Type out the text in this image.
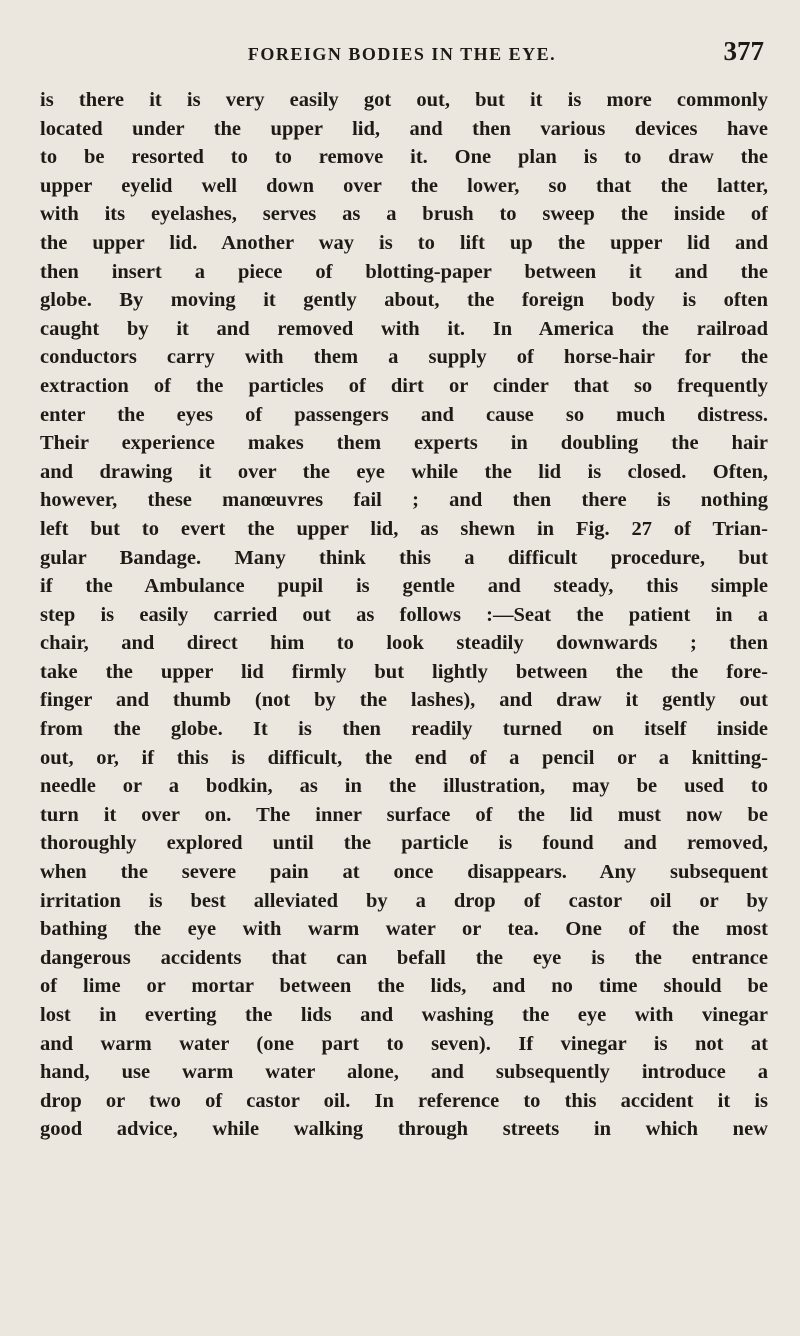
FOREIGN BODIES IN THE EYE.	377
is there it is very easily got out, but it is more commonly
located under the upper lid, and then various devices have
to be resorted to to remove it. One plan is to draw the
upper eyelid well down over the lower, so that the latter,
with its eyelashes, serves as a brush to sweep the inside of
the upper lid. Another way is to lift up the upper lid and
then insert a piece of blotting-paper between it and the
globe. By moving it gently about, the foreign body is often
caught by it and removed with it. In America the railroad
conductors carry with them a supply of horse-hair for the
extraction of the particles of dirt or cinder that so frequently
enter the eyes of passengers and cause so much distress.
Their experience makes them experts in doubling the hair
and drawing it over the eye while the lid is closed. Often,
however, these manœuvres fail ; and then there is nothing
left but to evert the upper lid, as shewn in Fig. 27 of Trian-
gular Bandage. Many think this a difficult procedure, but
if the Ambulance pupil is gentle and steady, this simple
step is easily carried out as follows :—Seat the patient in a
chair, and direct him to look steadily downwards ; then
take the upper lid firmly but lightly between the the fore-
finger and thumb (not by the lashes), and draw it gently out
from the globe. It is then readily turned on itself inside
out, or, if this is difficult, the end of a pencil or a knitting-
needle or a bodkin, as in the illustration, may be used to
turn it over on. The inner surface of the lid must now be
thoroughly explored until the particle is found and removed,
when the severe pain at once disappears. Any subsequent
irritation is best alleviated by a drop of castor oil or by
bathing the eye with warm water or tea. One of the most
dangerous accidents that can befall the eye is the entrance
of lime or mortar between the lids, and no time should be
lost in everting the lids and washing the eye with vinegar
and warm water (one part to seven). If vinegar is not at
hand, use warm water alone, and subsequently introduce a
drop or two of castor oil. In reference to this accident it is
good advice, while walking through streets in which new
